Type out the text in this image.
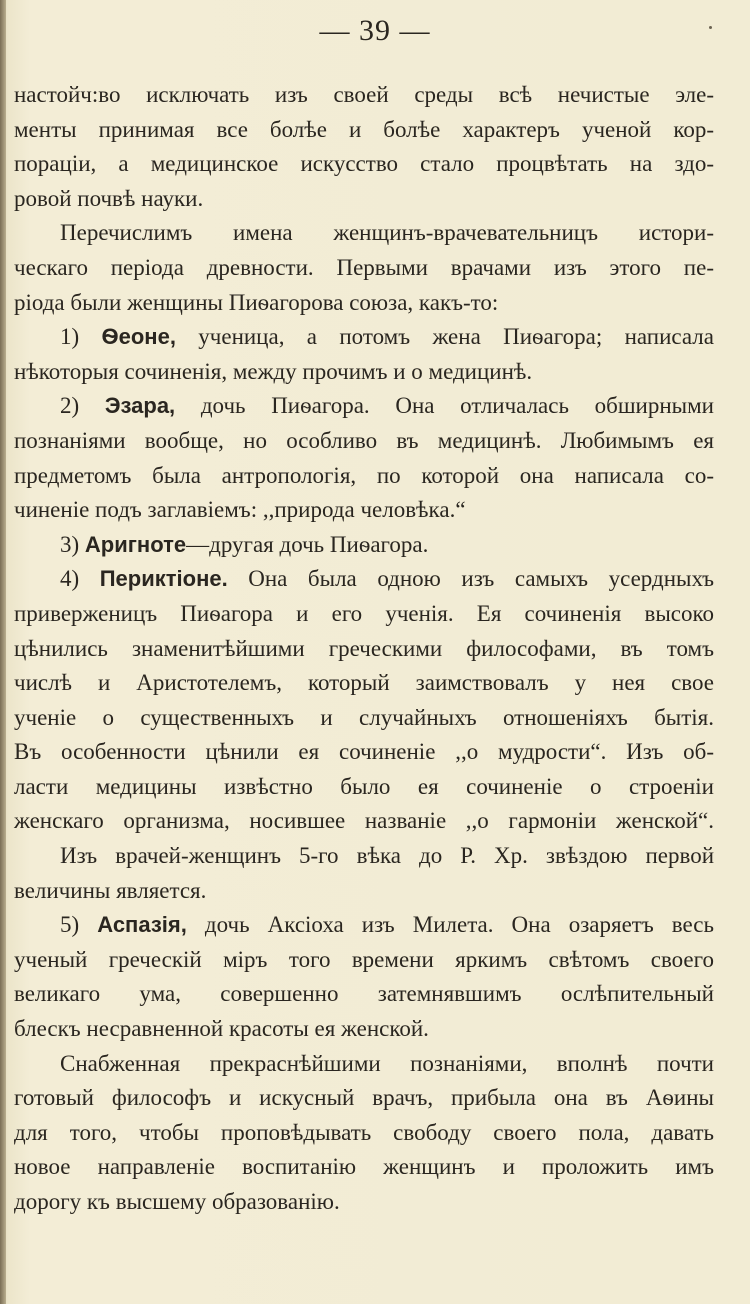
— 39 —
настойч:во исключать изъ своей среды всѣ нечистые эле-
менты принимая все болѣе и болѣе характеръ ученой кор-
порацiи, а медицинское искусство стало процвѣтать на здо-
ровой почвѣ науки.
Перечислимъ имена женщинъ-врачевательницъ истори-
ческаго перiода древности. Первыми врачами изъ этого пе-
рiода были женщины Пиѳагорова союза, какъ-то:
1) Ѳеоне, ученица, а потомъ жена Пиѳагора; написала
нѣкоторыя сочиненiя, между прочимъ и о медицинѣ.
2) Эзара, дочь Пиѳагора. Она отличалась обширными
познанiями вообще, но особливо въ медицинѣ. Любимымъ ея
предметомъ была антропологiя, по которой она написала со-
чиненiе подъ заглавiемъ: ,,природа человѣка.“
3) Аригноте—другая дочь Пиѳагора.
4) Периктiоне. Она была одною изъ самыхъ усердныхъ
приверженицъ Пиѳагора и его ученiя. Ея сочиненiя высоко
цѣнились знаменитѣйшими греческими философами, въ томъ
числѣ и Аристотелемъ, который заимствовалъ у нея свое
ученiе о существенныхъ и случайныхъ отношенiяхъ бытiя.
Въ особенности цѣнили ея сочиненiе ,,о мудрости“. Изъ об-
ласти медицины извѣстно было ея сочиненiе о строенiи
женскаго организма, носившее названiе ,,о гармонiи женской“.
Изъ врачей-женщинъ 5-го вѣка до Р. Хр. звѣздою первой
величины является.
5) Аспазiя, дочь Аксiоха изъ Милета. Она озаряетъ весь
ученый греческiй мiръ того времени яркимъ свѣтомъ своего
великаго ума, совершенно затемнявшимъ ослѣпительный
блескъ несравненной красоты ея женской.
Снабженная прекраснѣйшими познанiями, вполнѣ почти
готовый философъ и искусный врачъ, прибыла она въ Аѳины
для того, чтобы проповѣдывать свободу своего пола, давать
новое направленiе воспитанiю женщинъ и проложить имъ
дорогу къ высшему образованiю.
